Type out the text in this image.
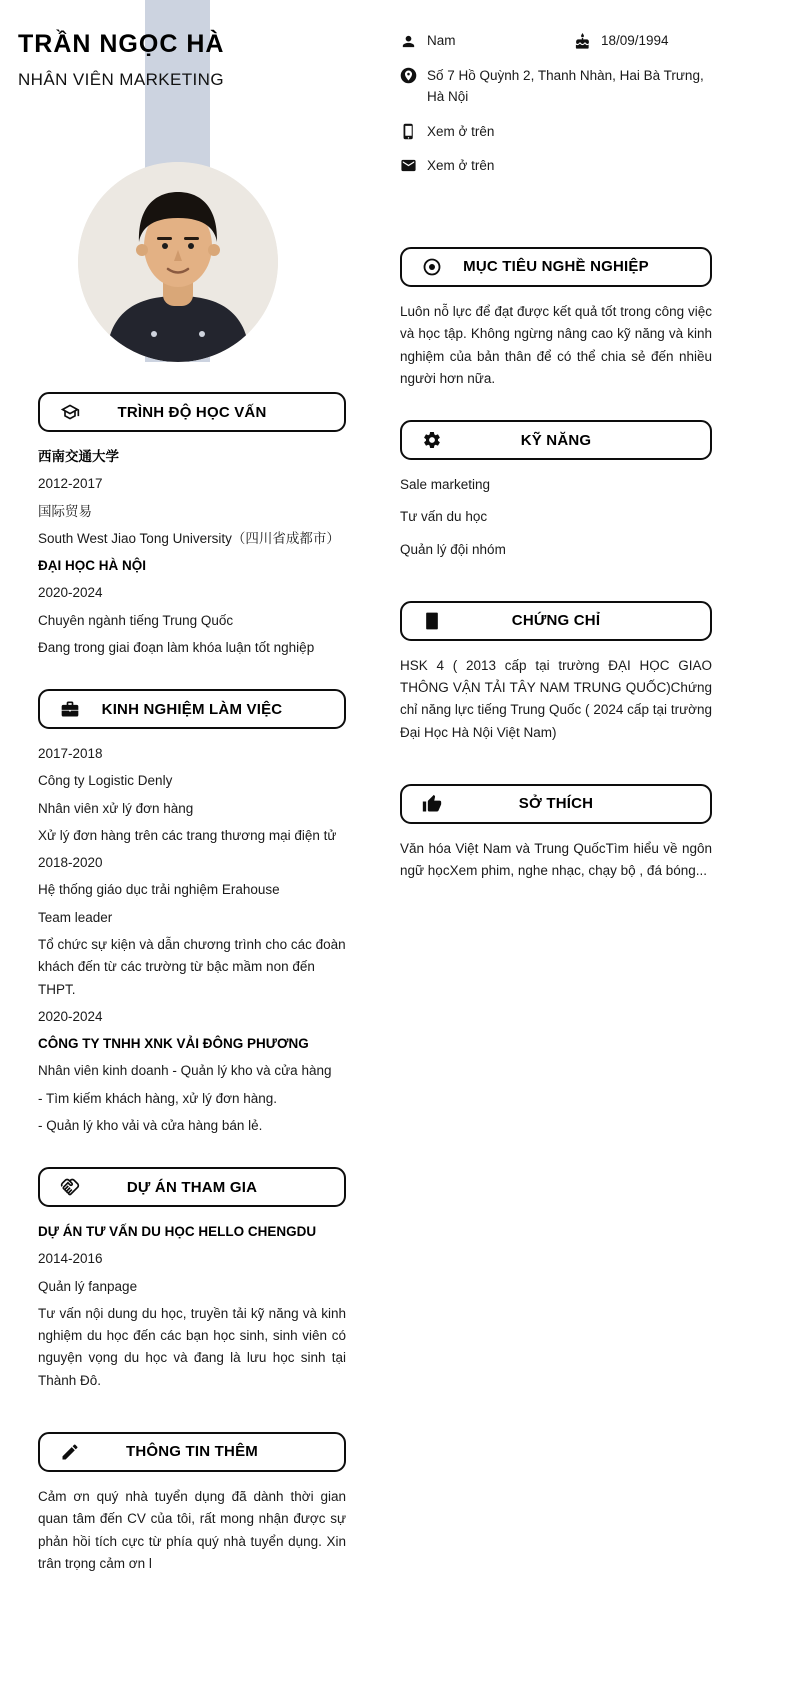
TRẦN NGỌC HÀ
NHÂN VIÊN MARKETING
TRÌNH ĐỘ HỌC VẤN

西南交通大学

2012-2017

国际贸易

South West Jiao Tong University（四川省成都市）

ĐẠI HỌC HÀ NỘI

2020-2024

Chuyên ngành tiếng Trung Quốc

Đang trong giai đoạn làm khóa luận tốt nghiệp

KINH NGHIỆM LÀM VIỆC

2017-2018

Công ty Logistic Denly

Nhân viên xử lý đơn hàng

Xử lý đơn hàng trên các trang thương mại điện tử

2018-2020

Hệ thống giáo dục trải nghiệm Erahouse

Team leader

Tổ chức sự kiện và dẫn chương trình cho các đoàn khách đến từ các trường từ bậc mầm non đến THPT.

2020-2024

CÔNG TY TNHH XNK VẢI ĐÔNG PHƯƠNG

Nhân viên kinh doanh - Quản lý kho và cửa hàng

- Tìm kiếm khách hàng, xử lý đơn hàng.

- Quản lý kho vải và cửa hàng bán lẻ.

DỰ ÁN THAM GIA

DỰ ÁN TƯ VẤN DU HỌC HELLO CHENGDU

2014-2016

Quản lý fanpage

Tư vấn nội dung du học, truyền tải kỹ năng và kinh nghiệm du học đến các bạn học sinh, sinh viên có nguyện vọng du học và đang là lưu học sinh tại Thành Đô.

THÔNG TIN THÊM

Cảm ơn quý nhà tuyển dụng đã dành thời gian quan tâm đến CV của tôi, rất mong nhận được sự phản hồi tích cực từ phía quý nhà tuyển dụng. Xin trân trọng cảm ơn l

Nam	18/09/1994
Số 7 Hồ Quỳnh 2, Thanh Nhàn, Hai Bà Trưng, Hà Nội
Xem ở trên
Xem ở trên
MỤC TIÊU NGHỀ NGHIỆP

Luôn nỗ lực để đạt được kết quả tốt trong công việc và học tập. Không ngừng nâng cao kỹ năng và kinh nghiệm của bản thân để có thể chia sẻ đến nhiều người hơn nữa.

KỸ NĂNG

Sale marketing

Tư vấn du học

Quản lý đội nhóm

CHỨNG CHỈ

HSK 4 ( 2013 cấp tại trường ĐẠI HỌC GIAO THÔNG VẬN TẢI TÂY NAM TRUNG QUỐC)Chứng chỉ năng lực tiếng Trung Quốc ( 2024 cấp tại trường Đại Học Hà Nội Việt Nam)

SỞ THÍCH

Văn hóa Việt Nam và Trung QuốcTìm hiểu về ngôn ngữ họcXem phim, nghe nhạc, chạy bộ , đá bóng...
